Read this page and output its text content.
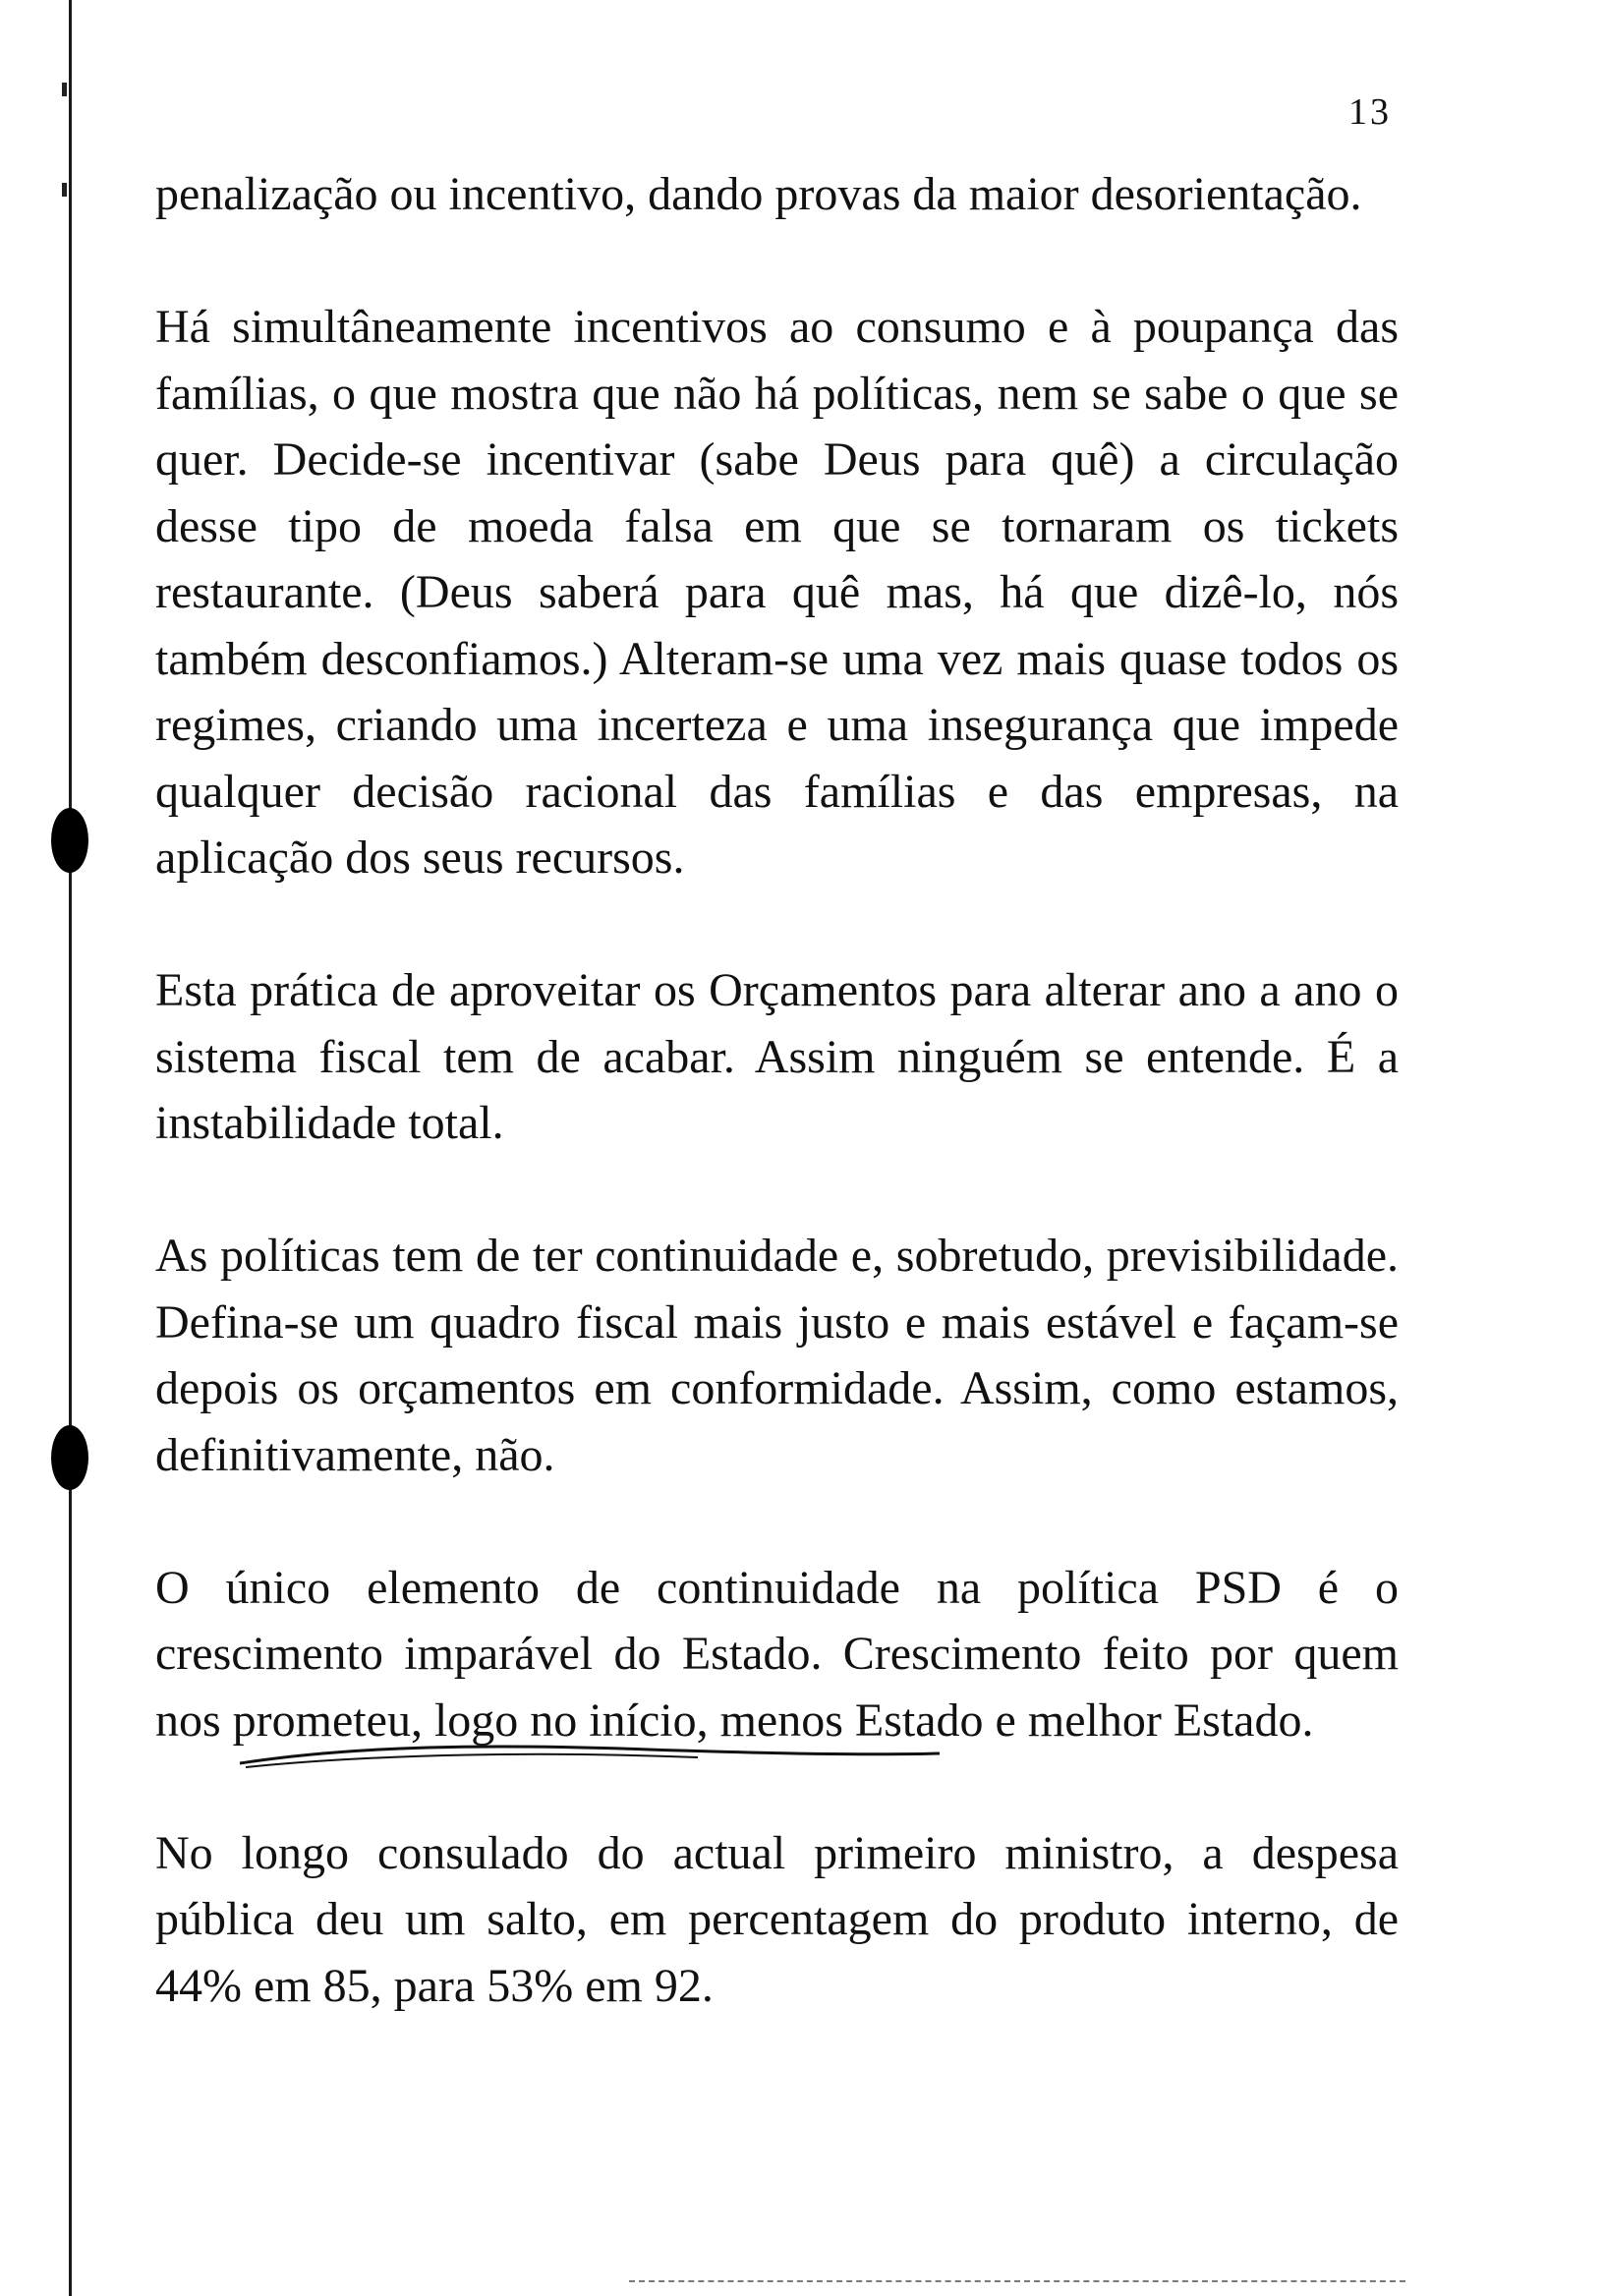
13

penalização ou incentivo, dando provas da maior desorientação.

Há simultâneamente incentivos ao consumo e à poupança das famílias, o que mostra que não há políticas, nem se sabe o que se quer. Decide-se incentivar (sabe Deus para quê) a circulação desse tipo de moeda falsa em que se tornaram os tickets restaurante. (Deus saberá para quê mas, há que dizê-lo, nós também desconfiamos.) Alteram-se uma vez mais quase todos os regimes, criando uma incerteza e uma insegurança que impede qualquer decisão racional das famílias e das empresas, na aplicação dos seus recursos.

Esta prática de aproveitar os Orçamentos para alterar ano a ano o sistema fiscal tem de acabar. Assim ninguém se entende. É a instabilidade total.

As políticas tem de ter continuidade e, sobretudo, previsibilidade. Defina-se um quadro fiscal mais justo e mais estável e façam-se depois os orçamentos em conformidade. Assim, como estamos, definitivamente, não.

O único elemento de continuidade na política PSD é o crescimento imparável do Estado. Crescimento feito por quem nos prometeu, logo no início, menos Estado e melhor Estado.

No longo consulado do actual primeiro ministro, a despesa pública deu um salto, em percentagem do produto interno, de 44% em 85, para 53% em 92.
